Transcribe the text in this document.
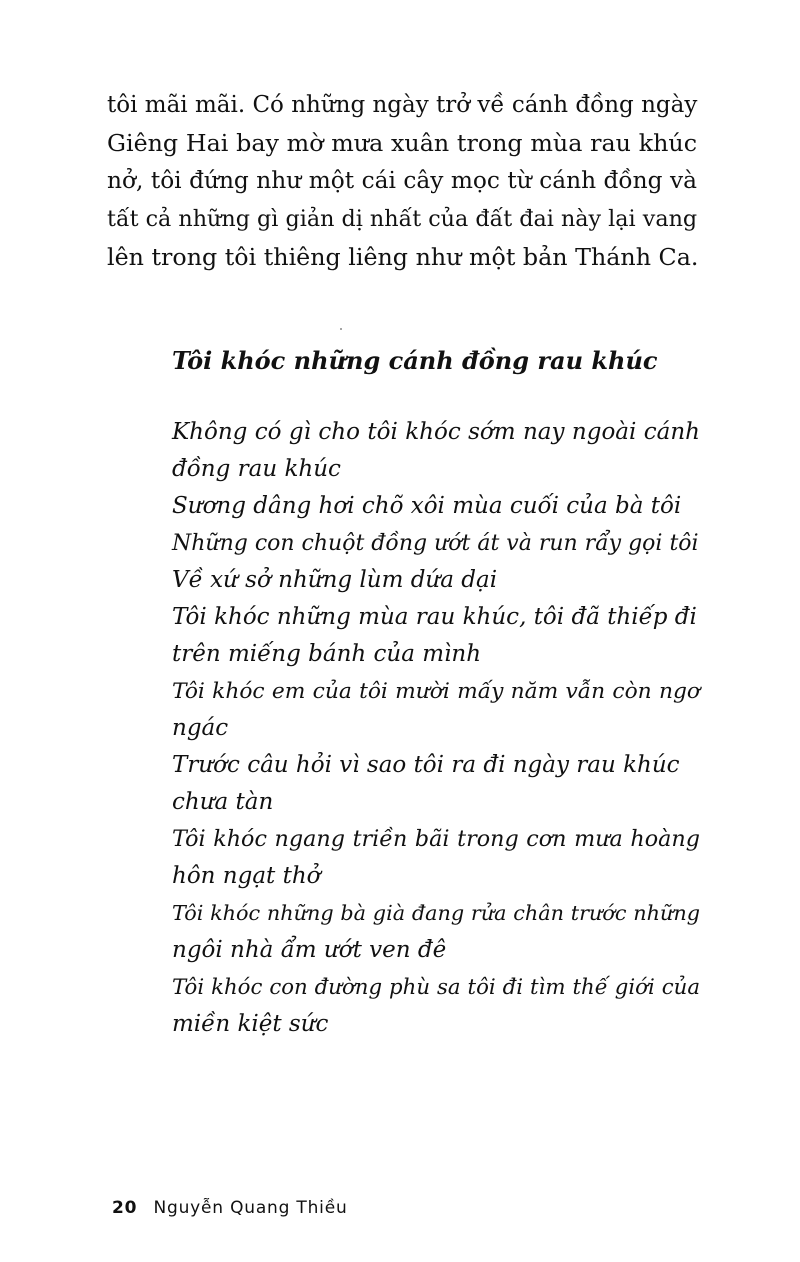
tôi mãi mãi. Có những ngày trở về cánh đồng ngày
Giêng Hai bay mờ mưa xuân trong mùa rau khúc
nở, tôi đứng như một cái cây mọc từ cánh đồng và
tất cả những gì giản dị nhất của đất đai này lại vang
lên trong tôi thiêng liêng như một bản Thánh Ca.
Tôi khóc những cánh đồng rau khúc
Không có gì cho tôi khóc sớm nay ngoài cánh
đồng rau khúc
Sương dâng hơi chõ xôi mùa cuối của bà tôi
Những con chuột đồng ướt át và run rẩy gọi tôi
Về xứ sở những lùm dứa dại
Tôi khóc những mùa rau khúc, tôi đã thiếp đi
trên miếng bánh của mình
Tôi khóc em của tôi mười mấy năm vẫn còn ngơ
ngác
Trước câu hỏi vì sao tôi ra đi ngày rau khúc
chưa tàn
Tôi khóc ngang triền bãi trong cơn mưa hoàng
hôn ngạt thở
Tôi khóc những bà già đang rửa chân trước những
ngôi nhà ẩm ướt ven đê
Tôi khóc con đường phù sa tôi đi tìm thế giới của
miền kiệt sức
20 Nguyễn Quang Thiều
